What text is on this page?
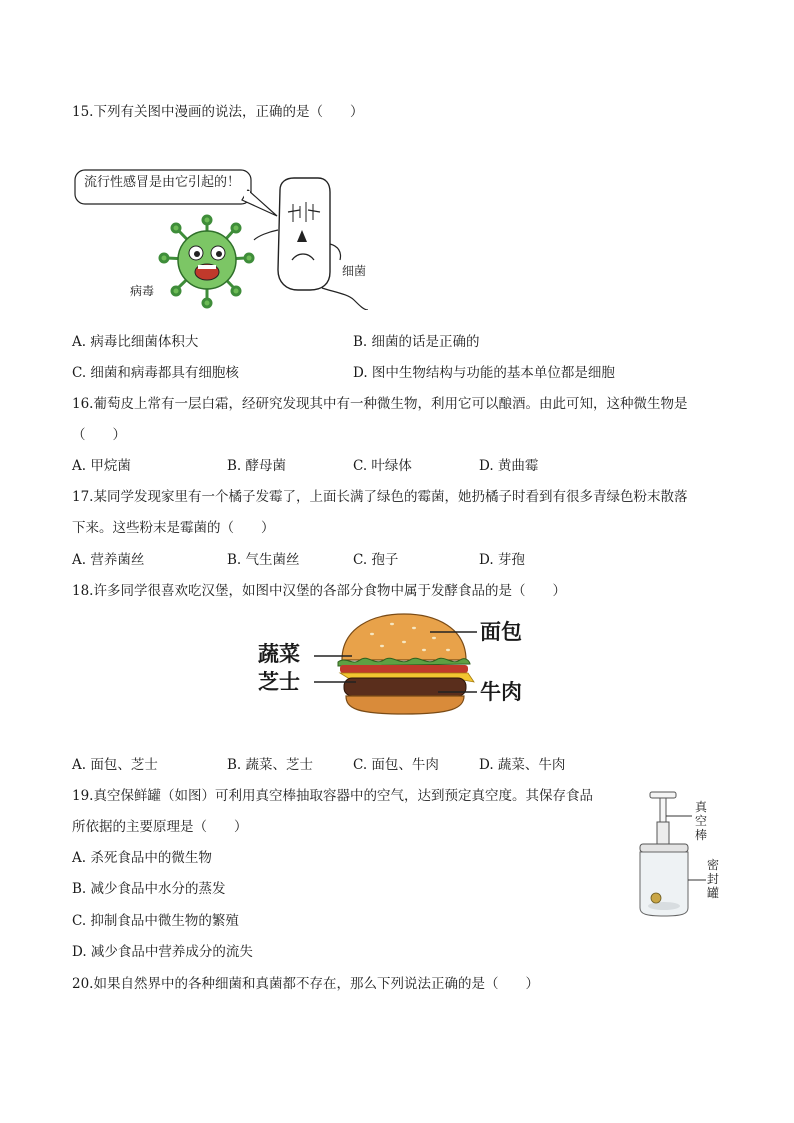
15.下列有关图中漫画的说法，正确的是（　　）
流行性感冒是由它引起的！
病毒
细菌
A. 病毒比细菌体积大	B. 细菌的话是正确的
C. 细菌和病毒都具有细胞核	D. 图中生物结构与功能的基本单位都是细胞
16.葡萄皮上常有一层白霜，经研究发现其中有一种微生物，利用它可以酿酒。由此可知，这种微生物是
（　　）
A. 甲烷菌	B. 酵母菌	C. 叶绿体	D. 黄曲霉
17.某同学发现家里有一个橘子发霉了，上面长满了绿色的霉菌，她扔橘子时看到有很多青绿色粉末散落
下来。这些粉末是霉菌的（　　）
A. 营养菌丝	B. 气生菌丝	C. 孢子	D. 芽孢
18.许多同学很喜欢吃汉堡，如图中汉堡的各部分食物中属于发酵食品的是（　　）
面包
蔬菜
芝士	牛肉
A. 面包、芝士	B. 蔬菜、芝士	C. 面包、牛肉	D. 蔬菜、牛肉
19.真空保鲜罐（如图）可利用真空棒抽取容器中的空气，达到预定真空度。其保存食品
所依据的主要原理是（　　）
A. 杀死食品中的微生物
B. 减少食品中水分的蒸发
C. 抑制食品中微生物的繁殖
D. 减少食品中营养成分的流失
真空棒
密封罐
20.如果自然界中的各种细菌和真菌都不存在，那么下列说法正确的是（　　）
